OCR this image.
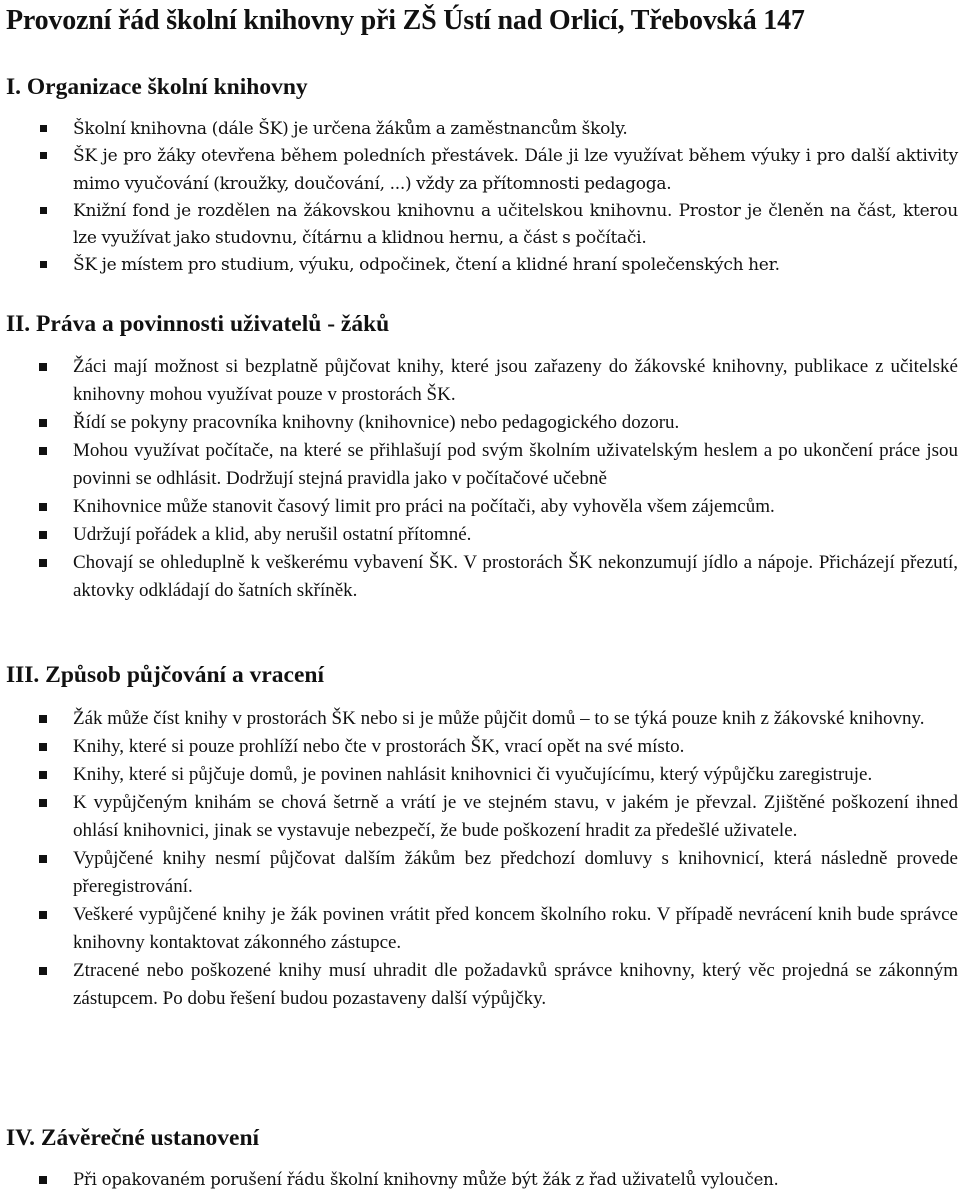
Provozní řád školní knihovny při ZŠ Ústí nad Orlicí, Třebovská 147
I. Organizace školní knihovny
Školní knihovna (dále ŠK) je určena žákům a zaměstnancům školy.
ŠK je pro žáky otevřena během poledních přestávek. Dále ji lze využívat během výuky i pro další aktivity mimo vyučování (kroužky, doučování, ...) vždy za přítomnosti pedagoga.
Knižní fond je rozdělen na žákovskou knihovnu a učitelskou knihovnu. Prostor je členěn na část, kterou lze využívat jako studovnu, čítárnu a klidnou hernu, a část s počítači.
ŠK je místem pro studium, výuku, odpočinek, čtení a klidné hraní společenských her.
II. Práva a povinnosti uživatelů - žáků
Žáci mají možnost si bezplatně půjčovat knihy, které jsou zařazeny do žákovské knihovny, publikace z učitelské knihovny mohou využívat pouze v prostorách ŠK.
Řídí se pokyny pracovníka knihovny (knihovnice) nebo pedagogického dozoru.
Mohou využívat počítače, na které se přihlašují pod svým školním uživatelským heslem a po ukončení práce jsou povinni se odhlásit. Dodržují stejná pravidla jako v počítačové učebně
Knihovnice může stanovit časový limit pro práci na počítači, aby vyhověla všem zájemcům.
Udržují pořádek a klid, aby nerušil ostatní přítomné.
Chovají se ohleduplně k veškerému vybavení ŠK. V prostorách ŠK nekonzumují jídlo a nápoje. Přicházejí přezutí, aktovky odkládají do šatních skříněk.
III. Způsob půjčování a vracení
Žák může číst knihy v prostorách ŠK nebo si je může půjčit domů – to se týká pouze knih z žákovské knihovny.
Knihy, které si pouze prohlíží nebo čte v prostorách ŠK, vrací opět na své místo.
Knihy, které si půjčuje domů, je povinen nahlásit knihovnici či vyučujícímu, který výpůjčku zaregistruje.
K vypůjčeným knihám se chová šetrně a vrátí je ve stejném stavu, v jakém je převzal. Zjištěné poškození ihned ohlásí knihovnici, jinak se vystavuje nebezpečí, že bude poškození hradit za předešlé uživatele.
Vypůjčené knihy nesmí půjčovat dalším žákům bez předchozí domluvy s knihovnicí, která následně provede přeregistrování.
Veškeré vypůjčené knihy je žák povinen vrátit před koncem školního roku. V případě nevrácení knih bude správce knihovny kontaktovat zákonného zástupce.
Ztracené nebo poškozené knihy musí uhradit dle požadavků správce knihovny, který věc projedná se zákonným zástupcem. Po dobu řešení budou pozastaveny další výpůjčky.
IV. Závěrečné ustanovení
Při opakovaném porušení řádu školní knihovny může být žák z řad uživatelů vyloučen.
